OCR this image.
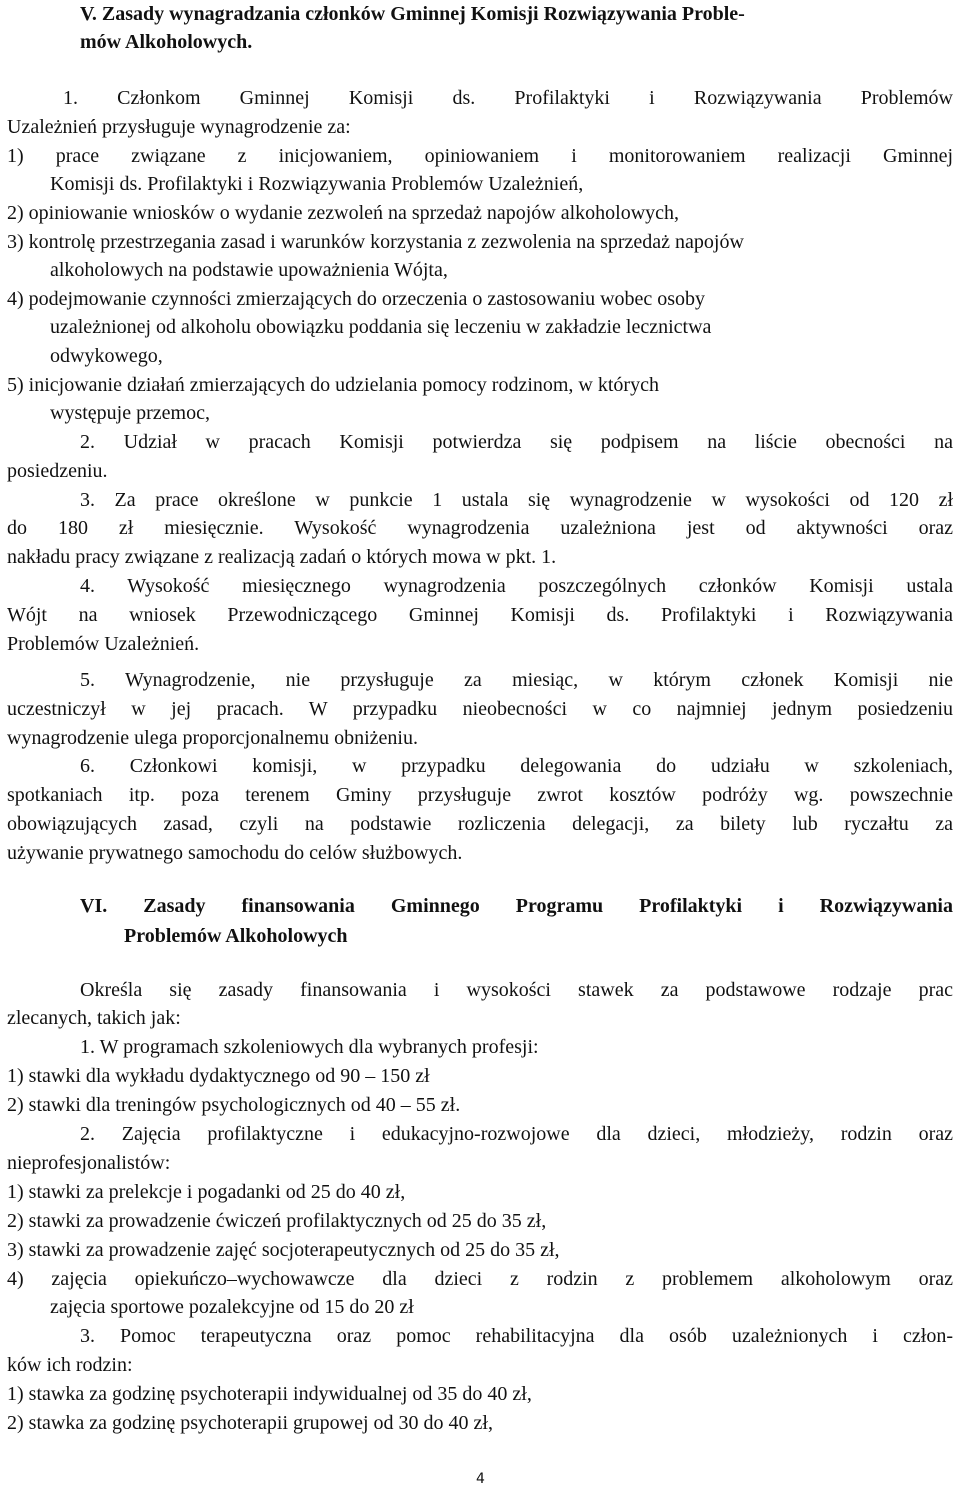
V. Zasady wynagradzania członków Gminnej Komisji Rozwiązywania Proble-
mów Alkoholowych.
1. Członkom Gminnej Komisji ds. Profilaktyki i Rozwiązywania Problemów
Uzależnień przysługuje wynagrodzenie za:
1) prace związane z inicjowaniem, opiniowaniem i monitorowaniem realizacji Gminnej
Komisji ds. Profilaktyki i Rozwiązywania Problemów Uzależnień,
2) opiniowanie wniosków o wydanie zezwoleń na sprzedaż napojów alkoholowych,
3) kontrolę przestrzegania zasad i warunków korzystania z zezwolenia na sprzedaż napojów
alkoholowych na podstawie upoważnienia Wójta,
4) podejmowanie czynności zmierzających do orzeczenia o zastosowaniu wobec osoby
uzależnionej od alkoholu obowiązku poddania się leczeniu w zakładzie lecznictwa
odwykowego,
5) inicjowanie działań zmierzających do udzielania pomocy rodzinom, w których
występuje przemoc,
2. Udział w pracach Komisji potwierdza się podpisem na liście obecności na
posiedzeniu.
3. Za prace określone w punkcie 1 ustala się wynagrodzenie w wysokości od 120 zł
do 180 zł miesięcznie. Wysokość wynagrodzenia uzależniona jest od aktywności oraz
nakładu pracy związane z realizacją zadań o których mowa w pkt. 1.
4. Wysokość miesięcznego wynagrodzenia poszczególnych członków Komisji ustala
Wójt na wniosek Przewodniczącego Gminnej Komisji ds. Profilaktyki i Rozwiązywania
Problemów Uzależnień.
5. Wynagrodzenie, nie przysługuje za miesiąc, w którym członek Komisji nie
uczestniczył w jej pracach. W przypadku nieobecności w co najmniej jednym posiedzeniu
wynagrodzenie ulega proporcjonalnemu obniżeniu.
6. Członkowi komisji, w przypadku delegowania do udziału w szkoleniach,
spotkaniach itp. poza terenem Gminy przysługuje zwrot kosztów podróży wg. powszechnie
obowiązujących zasad, czyli na podstawie rozliczenia delegacji, za bilety lub ryczałtu za
używanie prywatnego samochodu do celów służbowych.
VI. Zasady finansowania Gminnego Programu Profilaktyki i Rozwiązywania
Problemów Alkoholowych
Określa się zasady finansowania i wysokości stawek za podstawowe rodzaje prac
zlecanych, takich jak:
1. W programach szkoleniowych dla wybranych profesji:
1) stawki dla wykładu dydaktycznego od 90 – 150 zł
2) stawki dla treningów psychologicznych od 40 – 55 zł.
2. Zajęcia profilaktyczne i edukacyjno-rozwojowe dla dzieci, młodzieży, rodzin oraz
nieprofesjonalistów:
1) stawki za prelekcje i pogadanki od 25 do 40 zł,
2) stawki za prowadzenie ćwiczeń profilaktycznych od 25 do 35 zł,
3) stawki za prowadzenie zajęć socjoterapeutycznych od 25 do 35 zł,
4) zajęcia opiekuńczo–wychowawcze dla dzieci z rodzin z problemem alkoholowym oraz
zajęcia sportowe pozalekcyjne od 15 do 20 zł
3. Pomoc terapeutyczna oraz pomoc rehabilitacyjna dla osób uzależnionych i człon-
ków ich rodzin:
1) stawka za godzinę psychoterapii indywidualnej od 35 do 40 zł,
2) stawka za godzinę psychoterapii grupowej od 30 do 40 zł,
4
